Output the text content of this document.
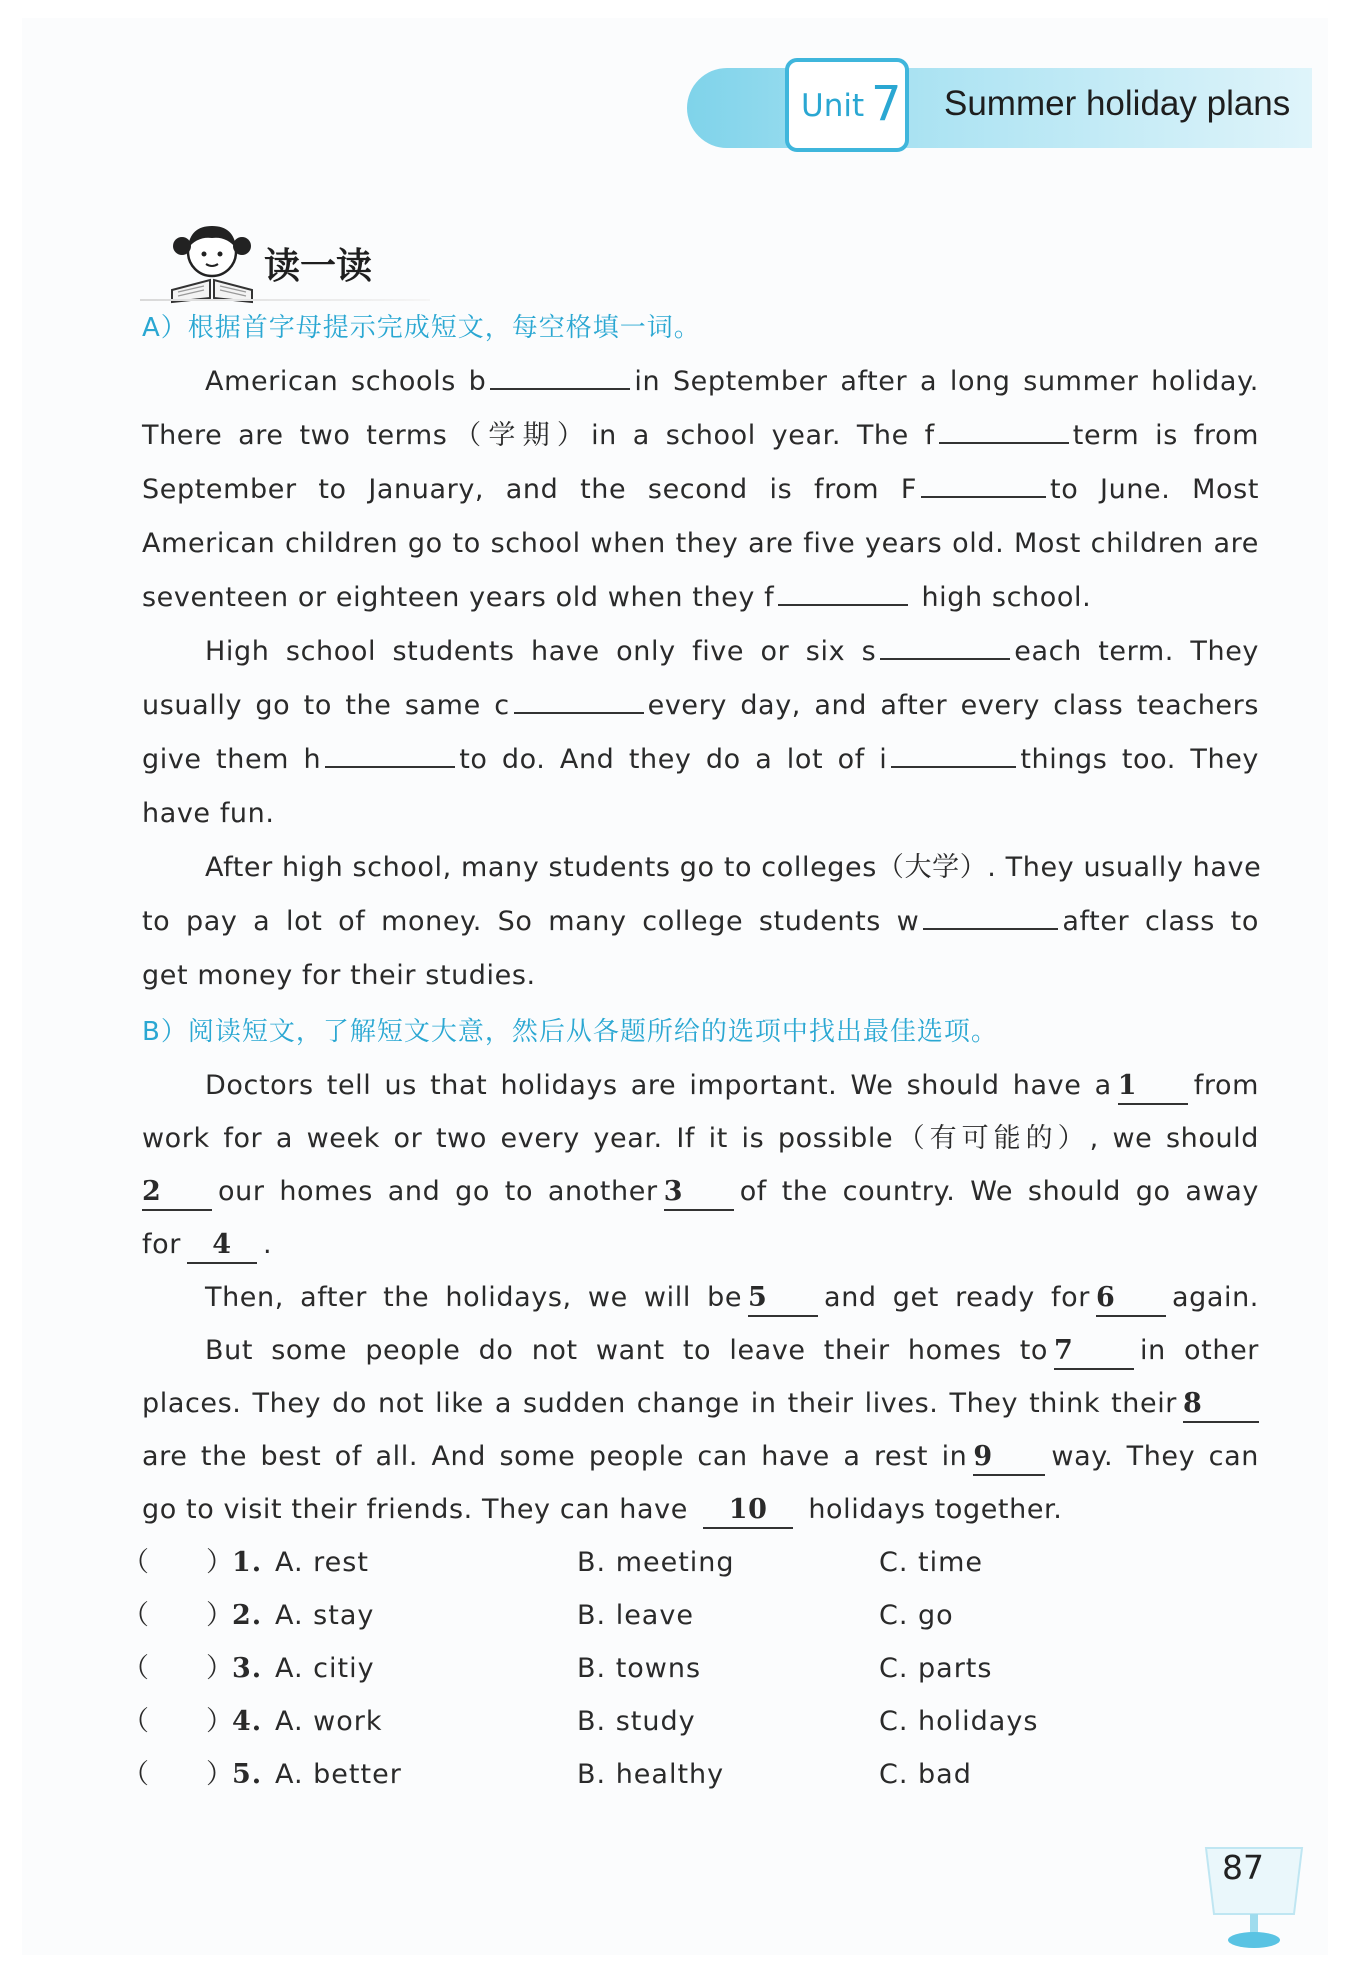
Unit 7 Summer holiday plans
读一读
A）根据首字母提示完成短文，每空格填一词。
American schools b	in September after a long summer holiday.
There are two terms（学期）in a school year. The f	term is from
September to January, and the second is from F	to June. Most
American children go to school when they are five years old. Most children are
seventeen or eighteen years old when they f	high school.
High school students have only five or six s	each term. They
usually go to the same c	every day, and after every class teachers
give them h	to do. And they do a lot of i	things too. They
have fun.
After high school, many students go to colleges（大学）. They usually have
to pay a lot of money. So many college students w	after class to
get money for their studies.
B）阅读短文，了解短文大意，然后从各题所给的选项中找出最佳选项。
Doctors tell us that holidays are important. We should have a 1 from
work for a week or two every year. If it is possible（有可能的）, we should
2 our homes and go to another 3 of the country. We should go away
for 4 .
Then, after the holidays, we will be 5 and get ready for 6 again.
But some people do not want to leave their homes to 7 in other
places. They do not like a sudden change in their lives. They think their 8
are the best of all. And some people can have a rest in 9 way. They can
go to visit their friends. They can have 10 holidays together.
（　　）
1. A. rest	B. meeting	C. time
（　　）
2. A. stay	B. leave	C. go
（　　）
3. A. citiy	B. towns	C. parts
（　　）
4. A. work	B. study	C. holidays
（　　）
5. A. better	B. healthy	C. bad
87
